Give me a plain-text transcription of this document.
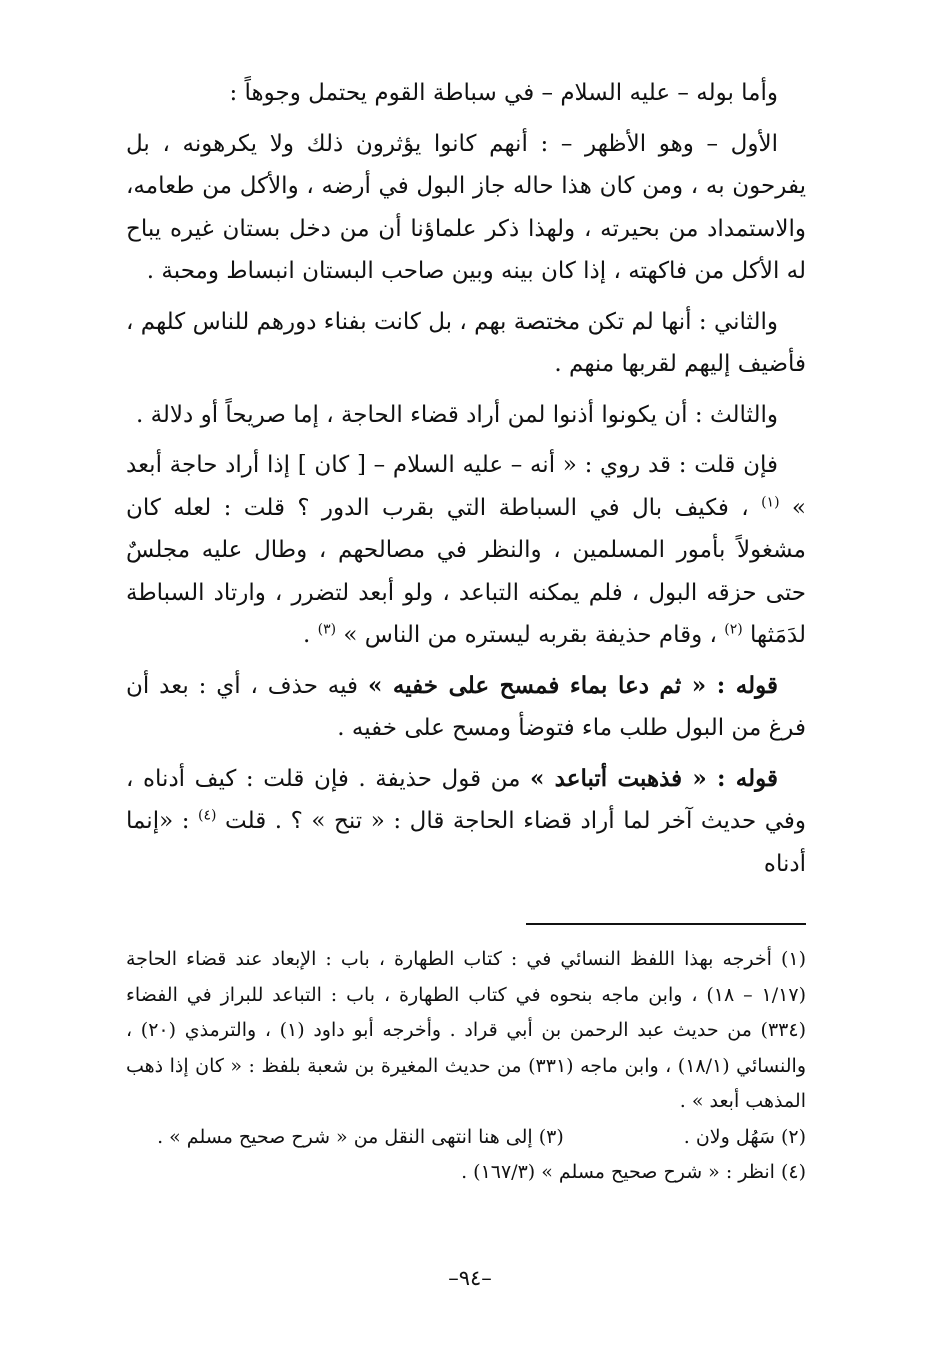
وأما بوله – عليه السلام – في سباطة القوم يحتمل وجوهاً :

الأول – وهو الأظهر – : أنهم كانوا يؤثرون ذلك ولا يكرهونه ، بل يفرحون به ، ومن كان هذا حاله جاز البول في أرضه ، والأكل من طعامه، والاستمداد من بحيرته ، ولهذا ذكر علماؤنا أن من دخل بستان غيره يباح له الأكل من فاكهته ، إذا كان بينه وبين صاحب البستان انبساط ومحبة .

والثاني : أنها لم تكن مختصة بهم ، بل كانت بفناء دورهم للناس كلهم ، فأضيف إليهم لقربها منهم .

والثالث : أن يكونوا أذنوا لمن أراد قضاء الحاجة ، إما صريحاً أو دلالة .

فإن قلت : قد روي : « أنه – عليه السلام – [ كان ] إذا أراد حاجة أبعد » $^{(١)}$ ، فكيف بال في السباطة التي بقرب الدور ؟ قلت : لعله كان مشغولاً بأمور المسلمين ، والنظر في مصالحهم ، وطال عليه مجلسٌ حتى حزقه البول ، فلم يمكنه التباعد ، ولو أبعد لتضرر ، وارتاد السباطة لدَمَثها $^{(٢)}$ ، وقام حذيفة بقربه ليستره من الناس » $^{(٣)}$ .

قوله : « ثم دعا بماء فمسح على خفيه » فيه حذف ، أي : بعد أن فرغ من البول طلب ماء فتوضأ ومسح على خفيه .

قوله : « فذهبت أتباعد » من قول حذيفة . فإن قلت : كيف أدناه ، وفي حديث آخر لما أراد قضاء الحاجة قال : « تنح » ؟ . قلت $^{(٤)}$ : «إنما أدناه

(١) أخرجه بهذا اللفظ النسائي في : كتاب الطهارة ، باب : الإبعاد عند قضاء الحاجة (١/١٧ – ١٨) ، وابن ماجه بنحوه في كتاب الطهارة ، باب : التباعد للبراز في الفضاء (٣٣٤) من حديث عبد الرحمن بن أبي قراد . وأخرجه أبو داود (١) ، والترمذي (٢٠) ، والنسائي (١٨/١) ، وابن ماجه (٣٣١) من حديث المغيرة بن شعبة بلفظ : « كان إذا ذهب المذهب أبعد » .

(٢) سَهُل ولان .
(٣) إلى هنا انتهى النقل من « شرح صحيح مسلم » .

(٤) انظر : « شرح صحيح مسلم » (١٦٧/٣) .

–٩٤–
